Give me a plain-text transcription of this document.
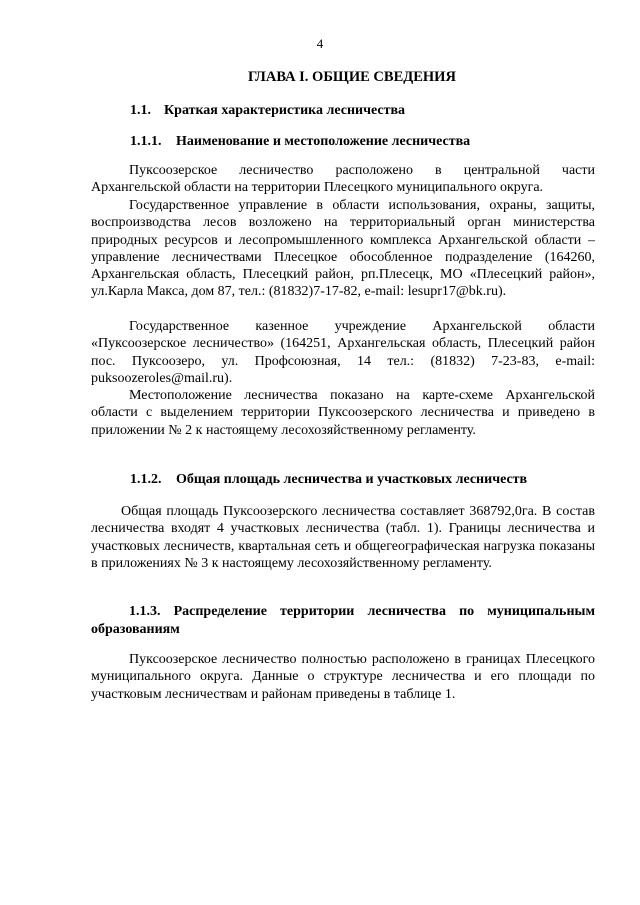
4
ГЛАВА I. ОБЩИЕ СВЕДЕНИЯ
1.1. Краткая характеристика лесничества
1.1.1. Наименование и местоположение лесничества
Пуксоозерское лесничество расположено в центральной части Архангельской области на территории Плесецкого муниципального округа.
Государственное управление в области использования, охраны, защиты, воспроизводства лесов возложено на территориальный орган министерства природных ресурсов и лесопромышленного комплекса Архангельской области – управление лесничествами Плесецкое обособленное подразделение (164260, Архангельская область, Плесецкий район, рп.Плесецк, МО «Плесецкий район», ул.Карла Макса, дом 87, тел.: (81832)7-17-82, e-mail: lesupr17@bk.ru).
Государственное казенное учреждение Архангельской области «Пуксоозерское лесничество» (164251, Архангельская область, Плесецкий район пос. Пуксоозеро, ул. Профсоюзная, 14 тел.: (81832) 7-23-83, e-mail: puksoozeroles@mail.ru).
Местоположение лесничества показано на карте-схеме Архангельской области с выделением территории Пуксоозерского лесничества и приведено в приложении № 2 к настоящему лесохозяйственному регламенту.
1.1.2. Общая площадь лесничества и участковых лесничеств
Общая площадь Пуксоозерского лесничества составляет 368792,0га. В состав лесничества входят 4 участковых лесничества (табл. 1). Границы лесничества и участковых лесничеств, квартальная сеть и общегеографическая нагрузка показаны в приложениях № 3 к настоящему лесохозяйственному регламенту.
1.1.3. Распределение территории лесничества по муниципальным образованиям
Пуксоозерское лесничество полностью расположено в границах Плесецкого муниципального округа. Данные о структуре лесничества и его площади по участковым лесничествам и районам приведены в таблице 1.
